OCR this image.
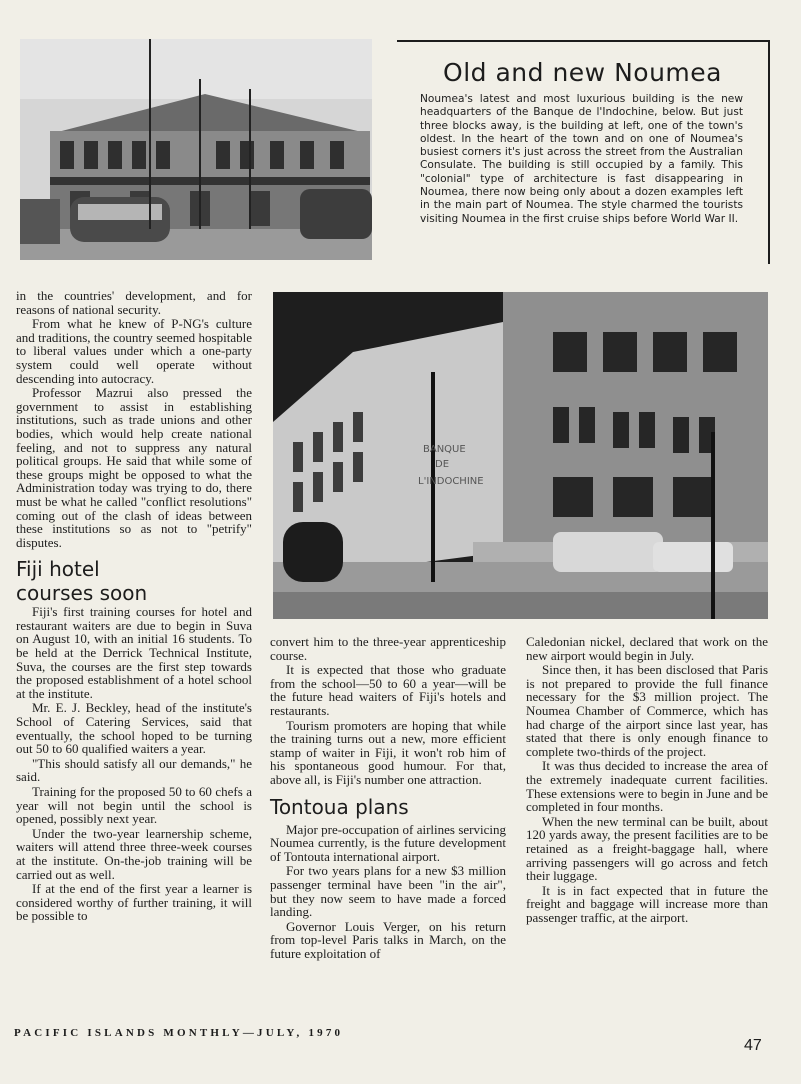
Old and new Noumea

Noumea's latest and most luxurious building is the new headquarters of the Banque de l'Indochine, below. But just three blocks away, is the building at left, one of the town's oldest. In the heart of the town and on one of Noumea's busiest corners it's just across the street from the Australian Consulate. The building is still occupied by a family. This "colonial" type of architecture is fast disappearing in Noumea, there now being only about a dozen examples left in the main part of Noumea. The style charmed the tourists visiting Noumea in the first cruise ships before World War II.

BANQUE
DE
L'INDOCHINE

in the countries' development, and for reasons of national security.

From what he knew of P-NG's culture and traditions, the country seemed hospitable to liberal values under which a one-party system could well operate without descending into autocracy.

Professor Mazrui also pressed the government to assist in establishing institutions, such as trade unions and other bodies, which would help create national feeling, and not to suppress any natural political groups. He said that while some of these groups might be opposed to what the Administration today was trying to do, there must be what he called "conflict resolutions" coming out of the clash of ideas between these institutions so as not to "petrify" disputes.

Fiji hotel
courses soon

Fiji's first training courses for hotel and restaurant waiters are due to begin in Suva on August 10, with an initial 16 students. To be held at the Derrick Technical Institute, Suva, the courses are the first step towards the proposed establishment of a hotel school at the institute.

Mr. E. J. Beckley, head of the institute's School of Catering Services, said that eventually, the school hoped to be turning out 50 to 60 qualified waiters a year.

"This should satisfy all our demands," he said.

Training for the proposed 50 to 60 chefs a year will not begin until the school is opened, possibly next year.

Under the two-year learnership scheme, waiters will attend three three-week courses at the institute. On-the-job training will be carried out as well.

If at the end of the first year a learner is considered worthy of further training, it will be possible to

convert him to the three-year apprenticeship course.

It is expected that those who graduate from the school—50 to 60 a year—will be the future head waiters of Fiji's hotels and restaurants.

Tourism promoters are hoping that while the training turns out a new, more efficient stamp of waiter in Fiji, it won't rob him of his spontaneous good humour. For that, above all, is Fiji's number one attraction.

Tontoua plans

Major pre-occupation of airlines servicing Noumea currently, is the future development of Tontouta international airport.

For two years plans for a new $3 million passenger terminal have been "in the air", but they now seem to have made a forced landing.

Governor Louis Verger, on his return from top-level Paris talks in March, on the future exploitation of

Caledonian nickel, declared that work on the new airport would begin in July.

Since then, it has been disclosed that Paris is not prepared to provide the full finance necessary for the $3 million project. The Noumea Chamber of Commerce, which has had charge of the airport since last year, has stated that there is only enough finance to complete two-thirds of the project.

It was thus decided to increase the area of the extremely inadequate current facilities. These extensions were to begin in June and be completed in four months.

When the new terminal can be built, about 120 yards away, the present facilities are to be retained as a freight-baggage hall, where arriving passengers will go across and fetch their luggage.

It is in fact expected that in future the freight and baggage will increase more than passenger traffic, at the airport.

PACIFIC ISLANDS MONTHLY—JULY, 1970
47
